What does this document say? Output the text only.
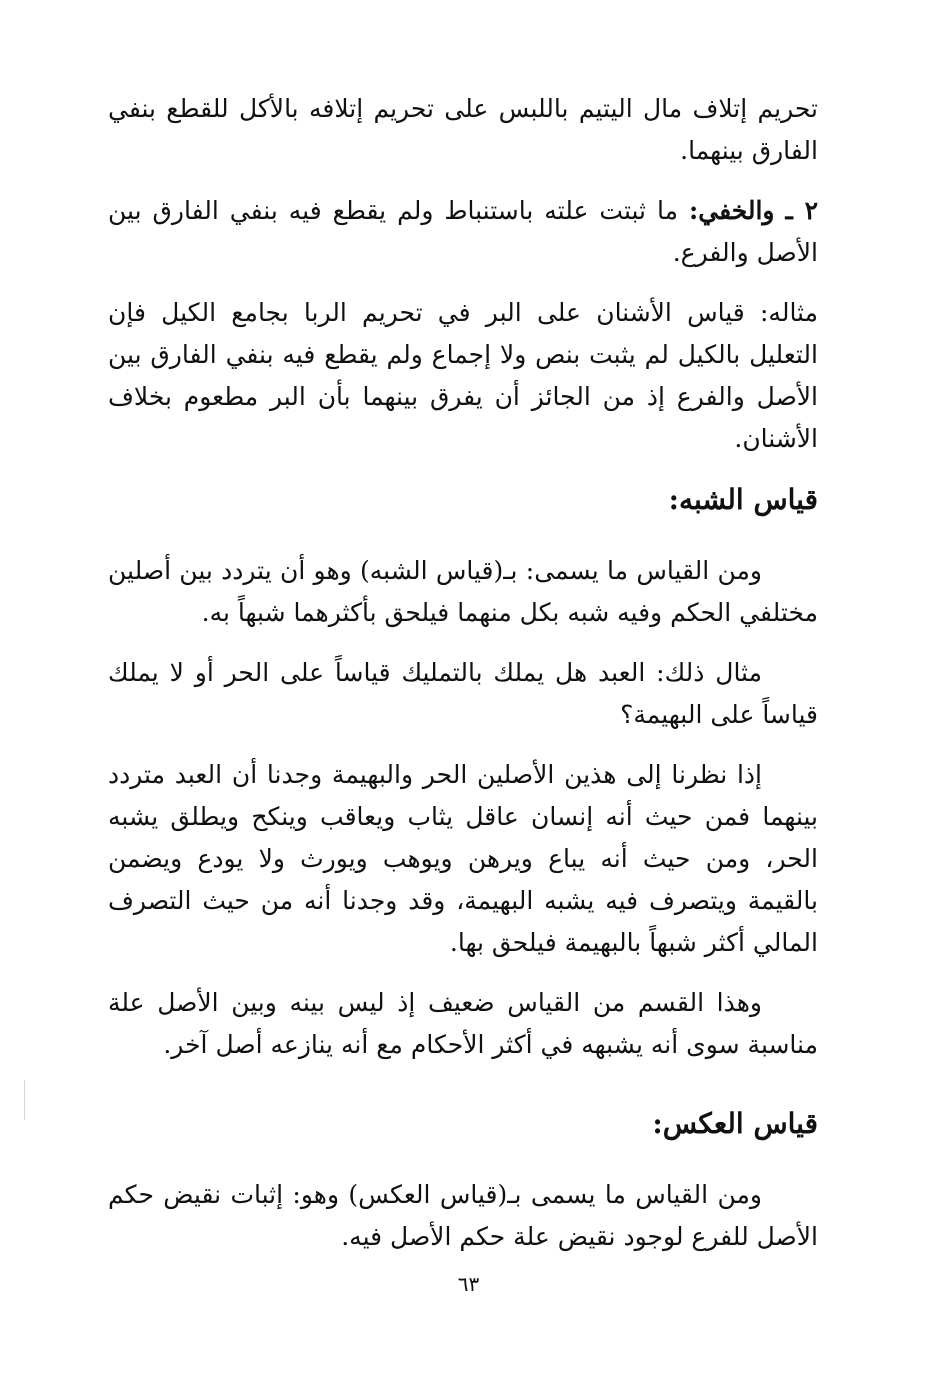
تحريم إتلاف مال اليتيم باللبس على تحريم إتلافه بالأكل للقطع بنفي الفارق بينهما.

٢ ـ والخفي: ما ثبتت علته باستنباط ولم يقطع فيه بنفي الفارق بين الأصل والفرع.

مثاله: قياس الأشنان على البر في تحريم الربا بجامع الكيل فإن التعليل بالكيل لم يثبت بنص ولا إجماع ولم يقطع فيه بنفي الفارق بين الأصل والفرع إذ من الجائز أن يفرق بينهما بأن البر مطعوم بخلاف الأشنان.

قياس الشبه:

ومن القياس ما يسمى: بـ(قياس الشبه) وهو أن يتردد بين أصلين مختلفي الحكم وفيه شبه بكل منهما فيلحق بأكثرهما شبهاً به.

مثال ذلك: العبد هل يملك بالتمليك قياساً على الحر أو لا يملك قياساً على البهيمة؟

إذا نظرنا إلى هذين الأصلين الحر والبهيمة وجدنا أن العبد متردد بينهما فمن حيث أنه إنسان عاقل يثاب ويعاقب وينكح ويطلق يشبه الحر، ومن حيث أنه يباع ويرهن ويوهب ويورث ولا يودع ويضمن بالقيمة ويتصرف فيه يشبه البهيمة، وقد وجدنا أنه من حيث التصرف المالي أكثر شبهاً بالبهيمة فيلحق بها.

وهذا القسم من القياس ضعيف إذ ليس بينه وبين الأصل علة مناسبة سوى أنه يشبهه في أكثر الأحكام مع أنه ينازعه أصل آخر.

قياس العكس:

ومن القياس ما يسمى بـ(قياس العكس) وهو: إثبات نقيض حكم الأصل للفرع لوجود نقيض علة حكم الأصل فيه.

٦٣
